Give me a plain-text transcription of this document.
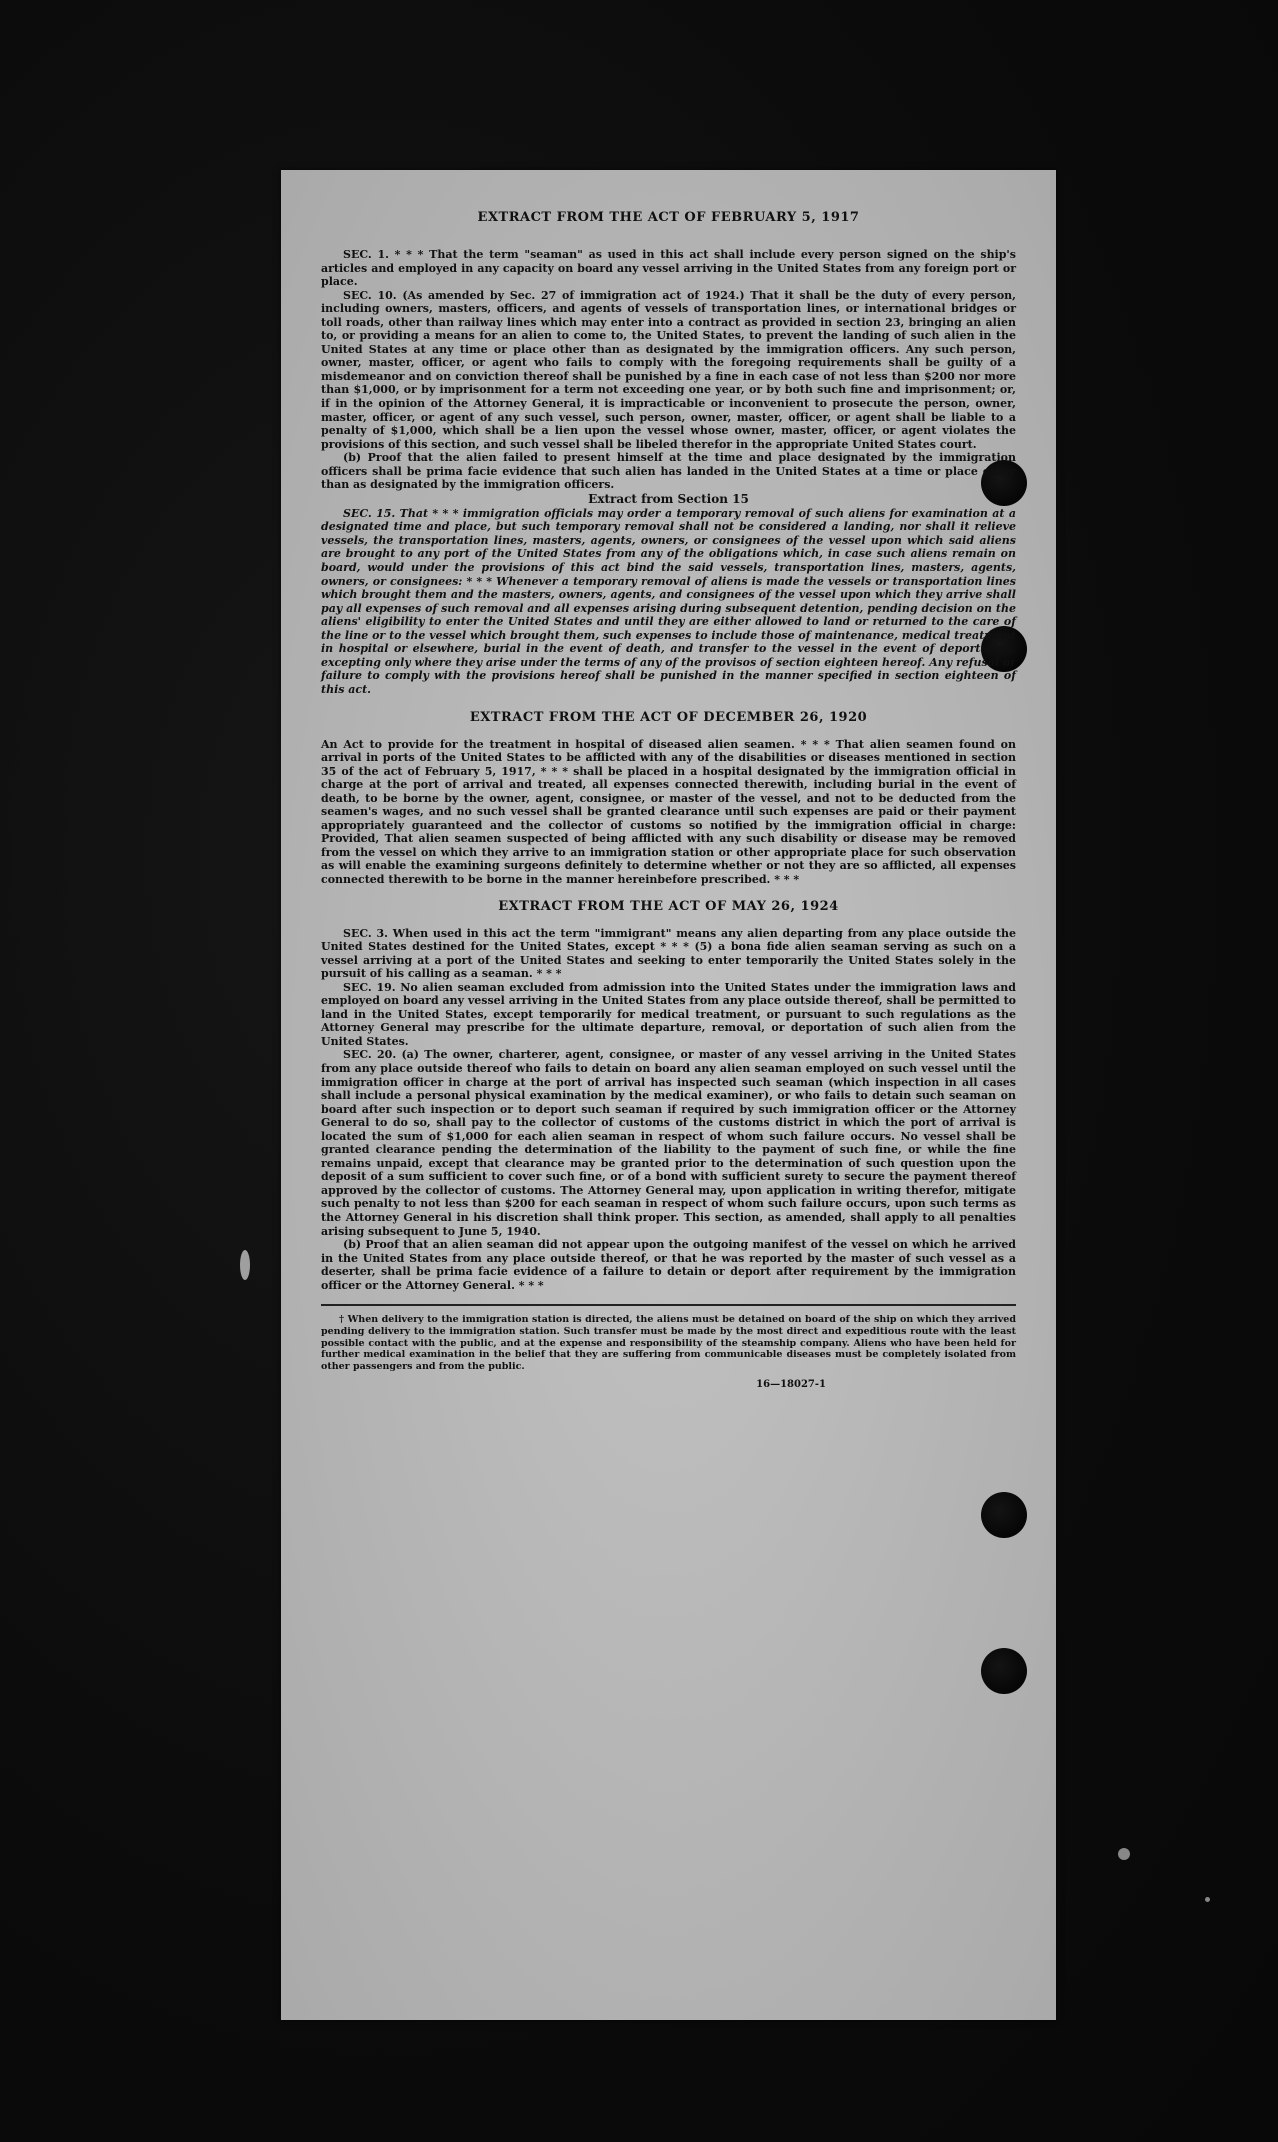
EXTRACT FROM THE ACT OF FEBRUARY 5, 1917

SEC. 1. * * * That the term "seaman" as used in this act shall include every person signed on the ship's articles and employed in any capacity on board any vessel arriving in the United States from any foreign port or place.

SEC. 10. (As amended by Sec. 27 of immigration act of 1924.) That it shall be the duty of every person, including owners, masters, officers, and agents of vessels of transportation lines, or international bridges or toll roads, other than railway lines which may enter into a contract as provided in section 23, bringing an alien to, or providing a means for an alien to come to, the United States, to prevent the landing of such alien in the United States at any time or place other than as designated by the immigration officers. Any such person, owner, master, officer, or agent who fails to comply with the foregoing requirements shall be guilty of a misdemeanor and on conviction thereof shall be punished by a fine in each case of not less than $200 nor more than $1,000, or by imprisonment for a term not exceeding one year, or by both such fine and imprisonment; or, if in the opinion of the Attorney General, it is impracticable or inconvenient to prosecute the person, owner, master, officer, or agent of any such vessel, such person, owner, master, officer, or agent shall be liable to a penalty of $1,000, which shall be a lien upon the vessel whose owner, master, officer, or agent violates the provisions of this section, and such vessel shall be libeled therefor in the appropriate United States court.

(b) Proof that the alien failed to present himself at the time and place designated by the immigration officers shall be prima facie evidence that such alien has landed in the United States at a time or place other than as designated by the immigration officers.

Extract from Section 15

SEC. 15. That * * * immigration officials may order a temporary removal of such aliens for examination at a designated time and place, but such temporary removal shall not be considered a landing, nor shall it relieve vessels, the transportation lines, masters, agents, owners, or consignees of the vessel upon which said aliens are brought to any port of the United States from any of the obligations which, in case such aliens remain on board, would under the provisions of this act bind the said vessels, transportation lines, masters, agents, owners, or consignees: * * * Whenever a temporary removal of aliens is made the vessels or transportation lines which brought them and the masters, owners, agents, and consignees of the vessel upon which they arrive shall pay all expenses of such removal and all expenses arising during subsequent detention, pending decision on the aliens' eligibility to enter the United States and until they are either allowed to land or returned to the care of the line or to the vessel which brought them, such expenses to include those of maintenance, medical treatment in hospital or elsewhere, burial in the event of death, and transfer to the vessel in the event of deportation, excepting only where they arise under the terms of any of the provisos of section eighteen hereof. Any refusal or failure to comply with the provisions hereof shall be punished in the manner specified in section eighteen of this act.

EXTRACT FROM THE ACT OF DECEMBER 26, 1920

An Act to provide for the treatment in hospital of diseased alien seamen. * * * That alien seamen found on arrival in ports of the United States to be afflicted with any of the disabilities or diseases mentioned in section 35 of the act of February 5, 1917, * * * shall be placed in a hospital designated by the immigration official in charge at the port of arrival and treated, all expenses connected therewith, including burial in the event of death, to be borne by the owner, agent, consignee, or master of the vessel, and not to be deducted from the seamen's wages, and no such vessel shall be granted clearance until such expenses are paid or their payment appropriately guaranteed and the collector of customs so notified by the immigration official in charge: Provided, That alien seamen suspected of being afflicted with any such disability or disease may be removed from the vessel on which they arrive to an immigration station or other appropriate place for such observation as will enable the examining surgeons definitely to determine whether or not they are so afflicted, all expenses connected therewith to be borne in the manner hereinbefore prescribed. * * *

EXTRACT FROM THE ACT OF MAY 26, 1924

SEC. 3. When used in this act the term "immigrant" means any alien departing from any place outside the United States destined for the United States, except * * * (5) a bona fide alien seaman serving as such on a vessel arriving at a port of the United States and seeking to enter temporarily the United States solely in the pursuit of his calling as a seaman. * * *

SEC. 19. No alien seaman excluded from admission into the United States under the immigration laws and employed on board any vessel arriving in the United States from any place outside thereof, shall be permitted to land in the United States, except temporarily for medical treatment, or pursuant to such regulations as the Attorney General may prescribe for the ultimate departure, removal, or deportation of such alien from the United States.

SEC. 20. (a) The owner, charterer, agent, consignee, or master of any vessel arriving in the United States from any place outside thereof who fails to detain on board any alien seaman employed on such vessel until the immigration officer in charge at the port of arrival has inspected such seaman (which inspection in all cases shall include a personal physical examination by the medical examiner), or who fails to detain such seaman on board after such inspection or to deport such seaman if required by such immigration officer or the Attorney General to do so, shall pay to the collector of customs of the customs district in which the port of arrival is located the sum of $1,000 for each alien seaman in respect of whom such failure occurs. No vessel shall be granted clearance pending the determination of the liability to the payment of such fine, or while the fine remains unpaid, except that clearance may be granted prior to the determination of such question upon the deposit of a sum sufficient to cover such fine, or of a bond with sufficient surety to secure the payment thereof approved by the collector of customs. The Attorney General may, upon application in writing therefor, mitigate such penalty to not less than $200 for each seaman in respect of whom such failure occurs, upon such terms as the Attorney General in his discretion shall think proper. This section, as amended, shall apply to all penalties arising subsequent to June 5, 1940.

(b) Proof that an alien seaman did not appear upon the outgoing manifest of the vessel on which he arrived in the United States from any place outside thereof, or that he was reported by the master of such vessel as a deserter, shall be prima facie evidence of a failure to detain or deport after requirement by the immigration officer or the Attorney General. * * *

† When delivery to the immigration station is directed, the aliens must be detained on board of the ship on which they arrived pending delivery to the immigration station. Such transfer must be made by the most direct and expeditious route with the least possible contact with the public, and at the expense and responsibility of the steamship company. Aliens who have been held for further medical examination in the belief that they are suffering from communicable diseases must be completely isolated from other passengers and from the public.

16—18027-1
